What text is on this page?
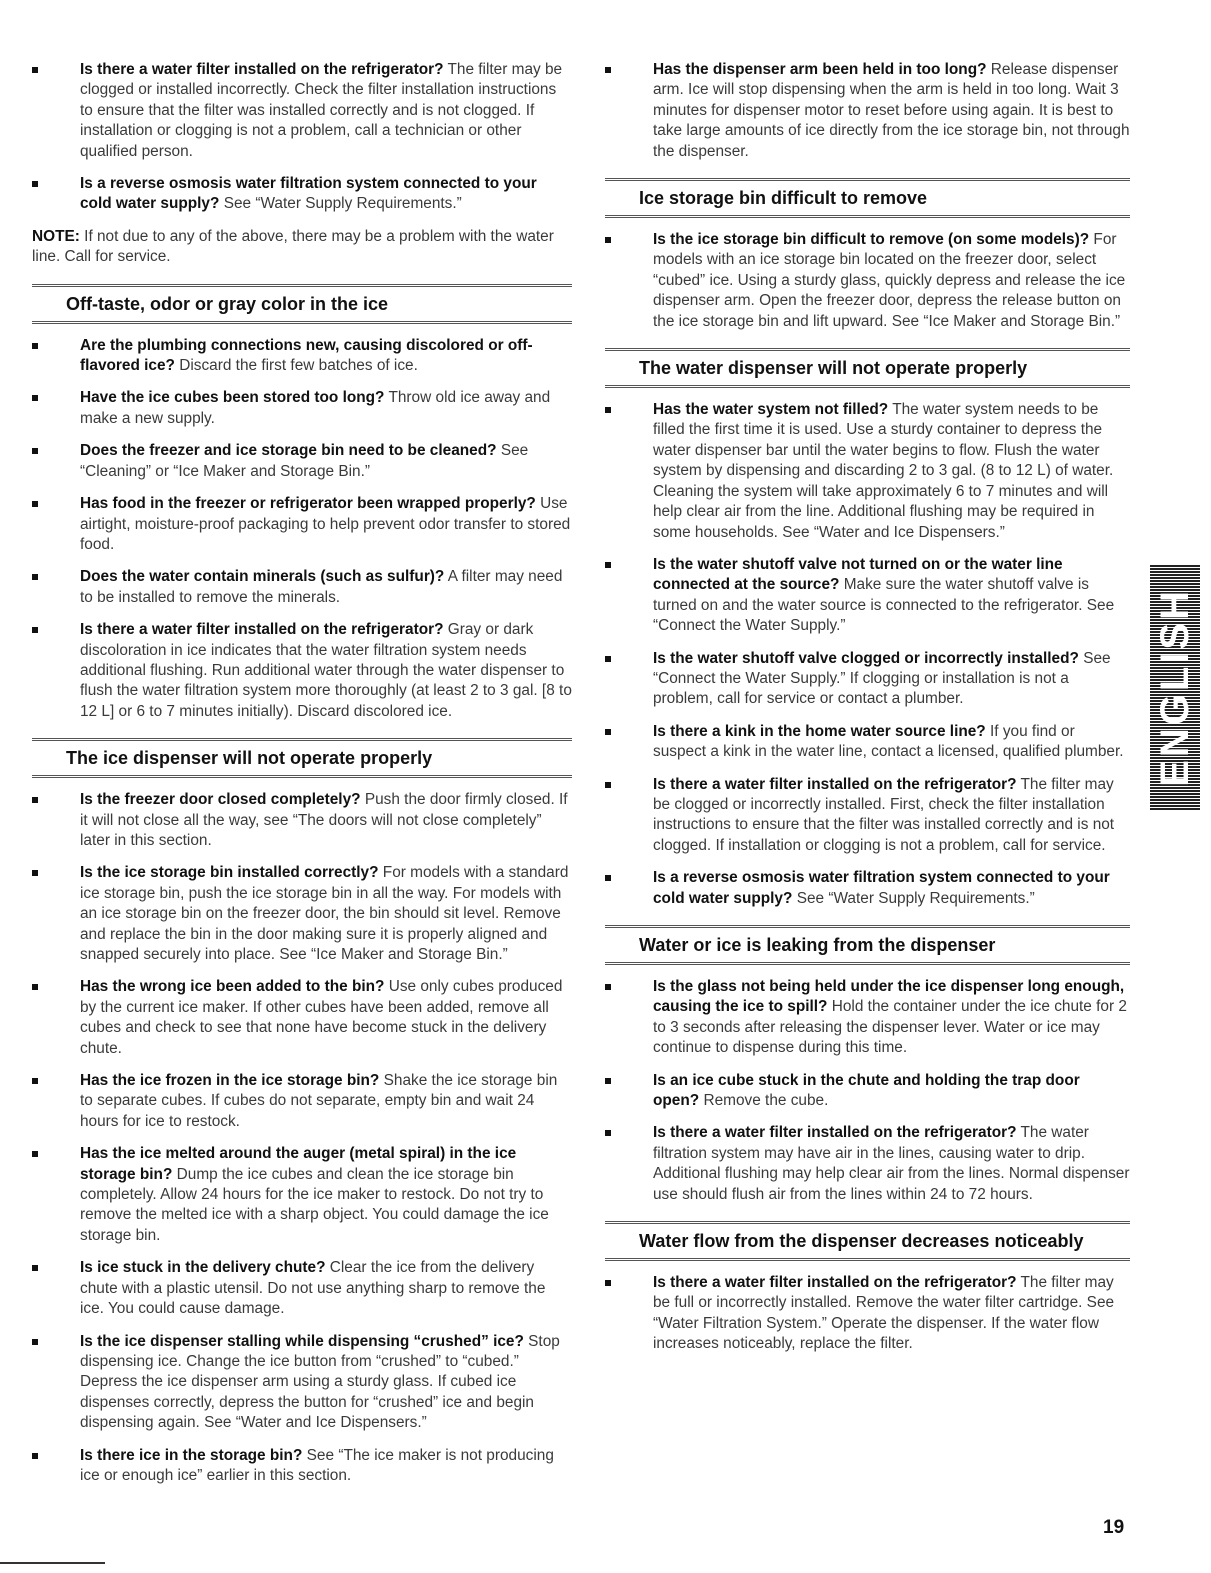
Is there a water filter installed on the refrigerator? The filter may be clogged or installed incorrectly. Check the filter installation instructions to ensure that the filter was installed correctly and is not clogged. If installation or clogging is not a problem, call a technician or other qualified person.
Is a reverse osmosis water filtration system connected to your cold water supply? See “Water Supply Requirements.”
NOTE: If not due to any of the above, there may be a problem with the water line. Call for service.
Off-taste, odor or gray color in the ice
Are the plumbing connections new, causing discolored or off-flavored ice? Discard the first few batches of ice.
Have the ice cubes been stored too long? Throw old ice away and make a new supply.
Does the freezer and ice storage bin need to be cleaned? See “Cleaning” or “Ice Maker and Storage Bin.”
Has food in the freezer or refrigerator been wrapped properly? Use airtight, moisture-proof packaging to help prevent odor transfer to stored food.
Does the water contain minerals (such as sulfur)? A filter may need to be installed to remove the minerals.
Is there a water filter installed on the refrigerator? Gray or dark discoloration in ice indicates that the water filtration system needs additional flushing. Run additional water through the water dispenser to flush the water filtration system more thoroughly (at least 2 to 3 gal. [8 to 12 L] or 6 to 7 minutes initially). Discard discolored ice.
The ice dispenser will not operate properly
Is the freezer door closed completely? Push the door firmly closed. If it will not close all the way, see “The doors will not close completely” later in this section.
Is the ice storage bin installed correctly? For models with a standard ice storage bin, push the ice storage bin in all the way. For models with an ice storage bin on the freezer door, the bin should sit level. Remove and replace the bin in the door making sure it is properly aligned and snapped securely into place. See “Ice Maker and Storage Bin.”
Has the wrong ice been added to the bin? Use only cubes produced by the current ice maker. If other cubes have been added, remove all cubes and check to see that none have become stuck in the delivery chute.
Has the ice frozen in the ice storage bin? Shake the ice storage bin to separate cubes. If cubes do not separate, empty bin and wait 24 hours for ice to restock.
Has the ice melted around the auger (metal spiral) in the ice storage bin? Dump the ice cubes and clean the ice storage bin completely. Allow 24 hours for the ice maker to restock. Do not try to remove the melted ice with a sharp object. You could damage the ice storage bin.
Is ice stuck in the delivery chute? Clear the ice from the delivery chute with a plastic utensil. Do not use anything sharp to remove the ice. You could cause damage.
Is the ice dispenser stalling while dispensing “crushed” ice? Stop dispensing ice. Change the ice button from “crushed” to “cubed.” Depress the ice dispenser arm using a sturdy glass. If cubed ice dispenses correctly, depress the button for “crushed” ice and begin dispensing again. See “Water and Ice Dispensers.”
Is there ice in the storage bin? See “The ice maker is not producing ice or enough ice” earlier in this section.
Has the dispenser arm been held in too long? Release dispenser arm. Ice will stop dispensing when the arm is held in too long. Wait 3 minutes for dispenser motor to reset before using again. It is best to take large amounts of ice directly from the ice storage bin, not through the dispenser.
Ice storage bin difficult to remove
Is the ice storage bin difficult to remove (on some models)? For models with an ice storage bin located on the freezer door, select “cubed” ice. Using a sturdy glass, quickly depress and release the ice dispenser arm. Open the freezer door, depress the release button on the ice storage bin and lift upward. See “Ice Maker and Storage Bin.”
The water dispenser will not operate properly
Has the water system not filled? The water system needs to be filled the first time it is used. Use a sturdy container to depress the water dispenser bar until the water begins to flow. Flush the water system by dispensing and discarding 2 to 3 gal. (8 to 12 L) of water. Cleaning the system will take approximately 6 to 7 minutes and will help clear air from the line. Additional flushing may be required in some households. See “Water and Ice Dispensers.”
Is the water shutoff valve not turned on or the water line connected at the source? Make sure the water shutoff valve is turned on and the water source is connected to the refrigerator. See “Connect the Water Supply.”
Is the water shutoff valve clogged or incorrectly installed? See “Connect the Water Supply.” If clogging or installation is not a problem, call for service or contact a plumber.
Is there a kink in the home water source line? If you find or suspect a kink in the water line, contact a licensed, qualified plumber.
Is there a water filter installed on the refrigerator? The filter may be clogged or incorrectly installed. First, check the filter installation instructions to ensure that the filter was installed correctly and is not clogged. If installation or clogging is not a problem, call for service.
Is a reverse osmosis water filtration system connected to your cold water supply? See “Water Supply Requirements.”
Water or ice is leaking from the dispenser
Is the glass not being held under the ice dispenser long enough, causing the ice to spill? Hold the container under the ice chute for 2 to 3 seconds after releasing the dispenser lever. Water or ice may continue to dispense during this time.
Is an ice cube stuck in the chute and holding the trap door open? Remove the cube.
Is there a water filter installed on the refrigerator? The water filtration system may have air in the lines, causing water to drip. Additional flushing may help clear air from the lines. Normal dispenser use should flush air from the lines within 24 to 72 hours.
Water flow from the dispenser decreases noticeably
Is there a water filter installed on the refrigerator? The filter may be full or incorrectly installed. Remove the water filter cartridge. See “Water Filtration System.” Operate the dispenser. If the water flow increases noticeably, replace the filter.
ENGLISH
19
